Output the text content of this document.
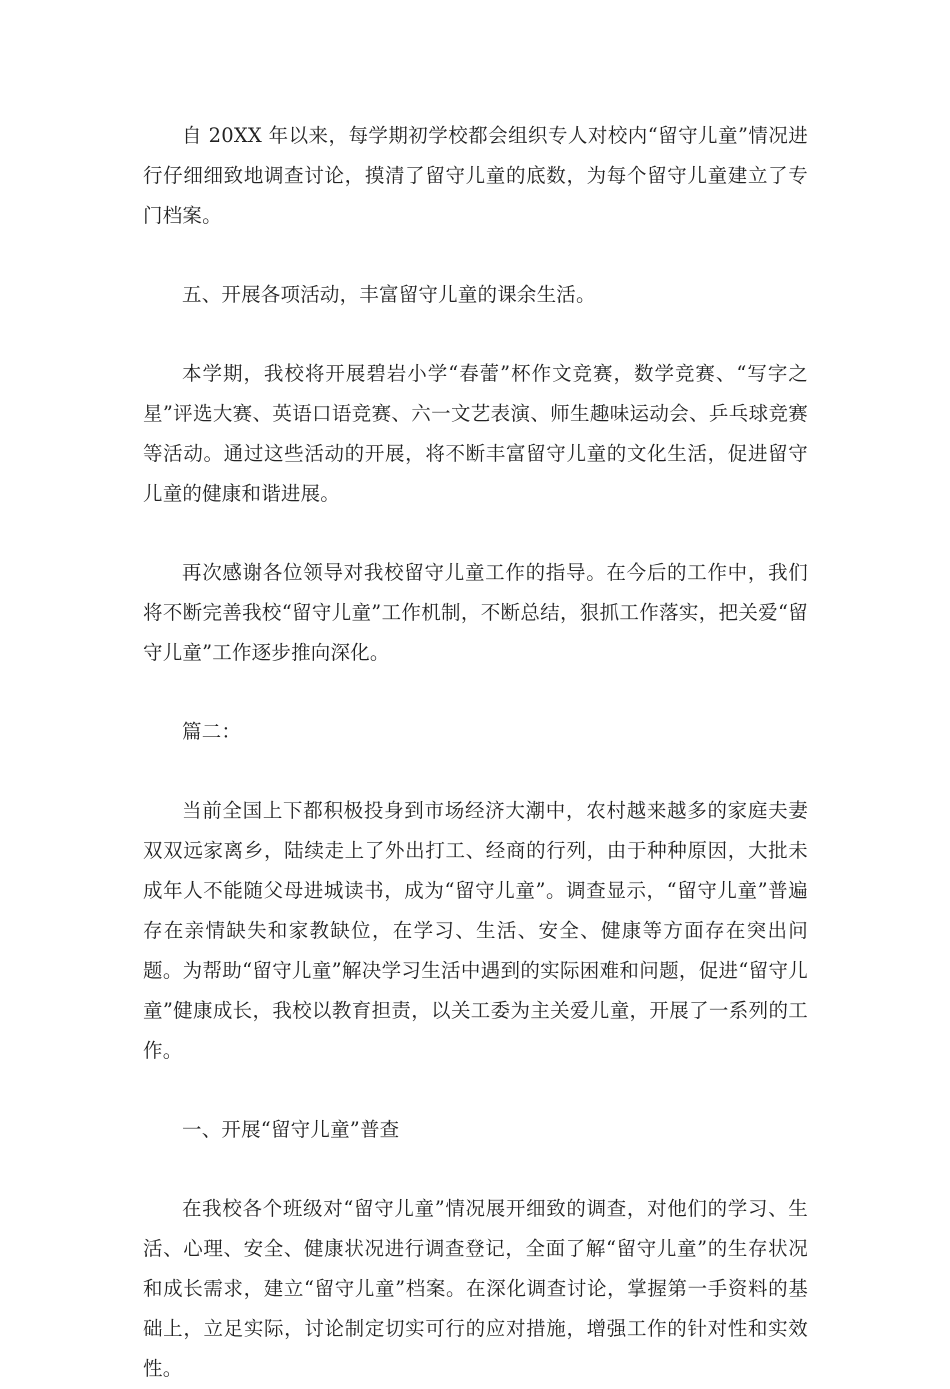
自 20XX 年以来，每学期初学校都会组织专人对校内“留守儿童”情况进行仔细细致地调查讨论，摸清了留守儿童的底数，为每个留守儿童建立了专门档案。

五、开展各项活动，丰富留守儿童的课余生活。

本学期，我校将开展碧岩小学“春蕾”杯作文竞赛，数学竞赛、“写字之星”评选大赛、英语口语竞赛、六一文艺表演、师生趣味运动会、乒乓球竞赛等活动。通过这些活动的开展，将不断丰富留守儿童的文化生活，促进留守儿童的健康和谐进展。

再次感谢各位领导对我校留守儿童工作的指导。在今后的工作中，我们将不断完善我校“留守儿童”工作机制，不断总结，狠抓工作落实，把关爱“留守儿童”工作逐步推向深化。

篇二：

当前全国上下都积极投身到市场经济大潮中，农村越来越多的家庭夫妻双双远家离乡，陆续走上了外出打工、经商的行列，由于种种原因，大批未成年人不能随父母进城读书，成为“留守儿童”。调查显示，“留守儿童”普遍存在亲情缺失和家教缺位，在学习、生活、安全、健康等方面存在突出问题。为帮助“留守儿童”解决学习生活中遇到的实际困难和问题，促进“留守儿童”健康成长，我校以教育担责，以关工委为主关爱儿童，开展了一系列的工作。

一、开展“留守儿童”普查

在我校各个班级对“留守儿童”情况展开细致的调查，对他们的学习、生活、心理、安全、健康状况进行调查登记，全面了解“留守儿童”的生存状况和成长需求，建立“留守儿童”档案。在深化调查讨论，掌握第一手资料的基础上，立足实际，讨论制定切实可行的应对措施，增强工作的针对性和实效性。
